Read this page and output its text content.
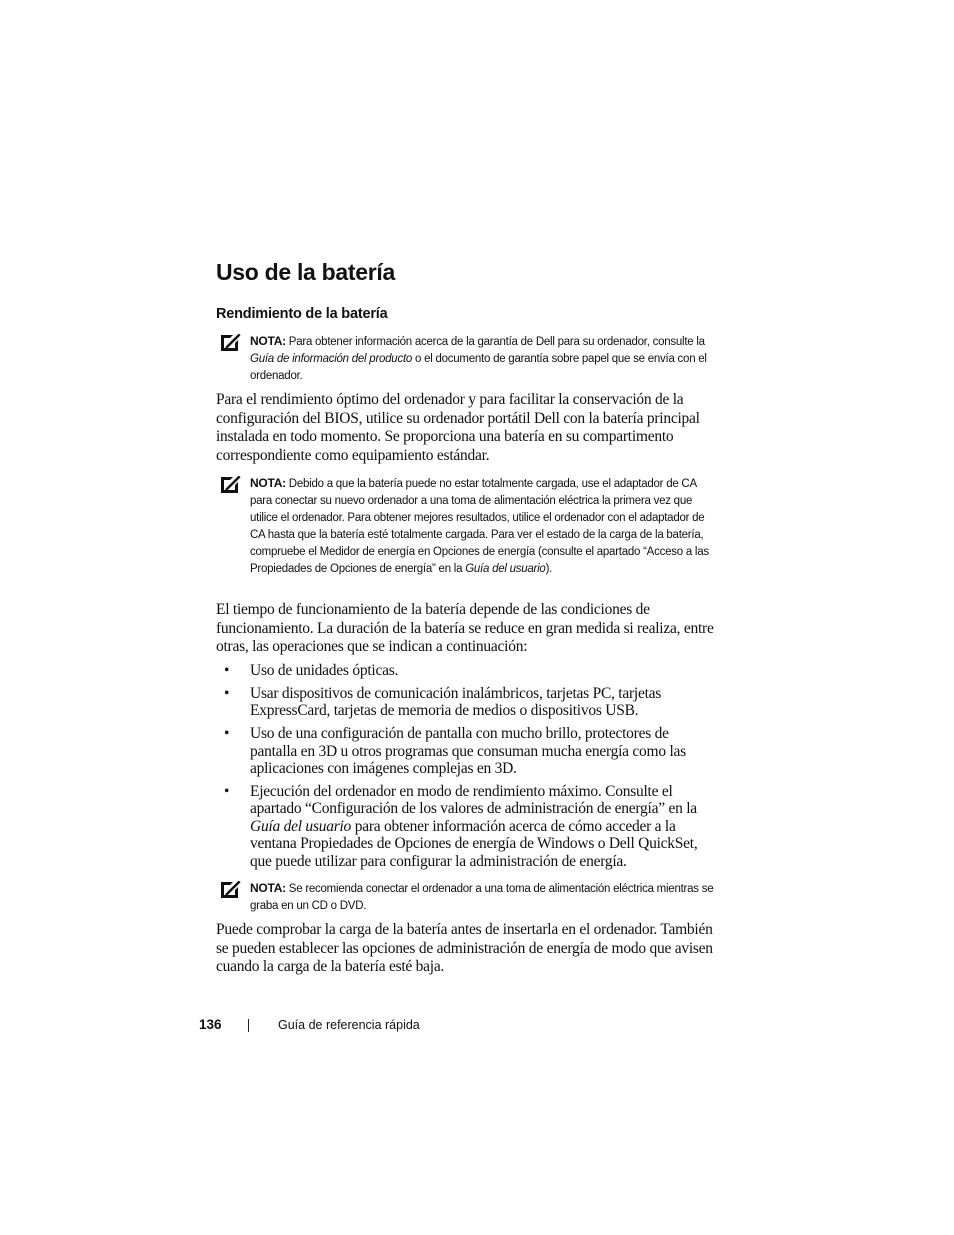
Uso de la batería
Rendimiento de la batería

NOTA: Para obtener información acerca de la garantía de Dell para su ordenador, consulte la Guía de información del producto o el documento de garantía sobre papel que se envía con el ordenador.

Para el rendimiento óptimo del ordenador y para facilitar la conservación de la configuración del BIOS, utilice su ordenador portátil Dell con la batería principal instalada en todo momento. Se proporciona una batería en su compartimento correspondiente como equipamiento estándar.

NOTA: Debido a que la batería puede no estar totalmente cargada, use el adaptador de CA para conectar su nuevo ordenador a una toma de alimentación eléctrica la primera vez que utilice el ordenador. Para obtener mejores resultados, utilice el ordenador con el adaptador de CA hasta que la batería esté totalmente cargada. Para ver el estado de la carga de la batería, compruebe el Medidor de energía en Opciones de energía (consulte el apartado “Acceso a las Propiedades de Opciones de energía” en la Guía del usuario).

El tiempo de funcionamiento de la batería depende de las condiciones de funcionamiento. La duración de la batería se reduce en gran medida si realiza, entre otras, las operaciones que se indican a continuación:

• Uso de unidades ópticas.
• Usar dispositivos de comunicación inalámbricos, tarjetas PC, tarjetas ExpressCard, tarjetas de memoria de medios o dispositivos USB.
• Uso de una configuración de pantalla con mucho brillo, protectores de pantalla en 3D u otros programas que consuman mucha energía como las aplicaciones con imágenes complejas en 3D.
• Ejecución del ordenador en modo de rendimiento máximo. Consulte el apartado “Configuración de los valores de administración de energía” en la Guía del usuario para obtener información acerca de cómo acceder a la ventana Propiedades de Opciones de energía de Windows o Dell QuickSet, que puede utilizar para configurar la administración de energía.

NOTA: Se recomienda conectar el ordenador a una toma de alimentación eléctrica mientras se graba en un CD o DVD.

Puede comprobar la carga de la batería antes de insertarla en el ordenador. También se pueden establecer las opciones de administración de energía de modo que avisen cuando la carga de la batería esté baja.

136	Guía de referencia rápida
